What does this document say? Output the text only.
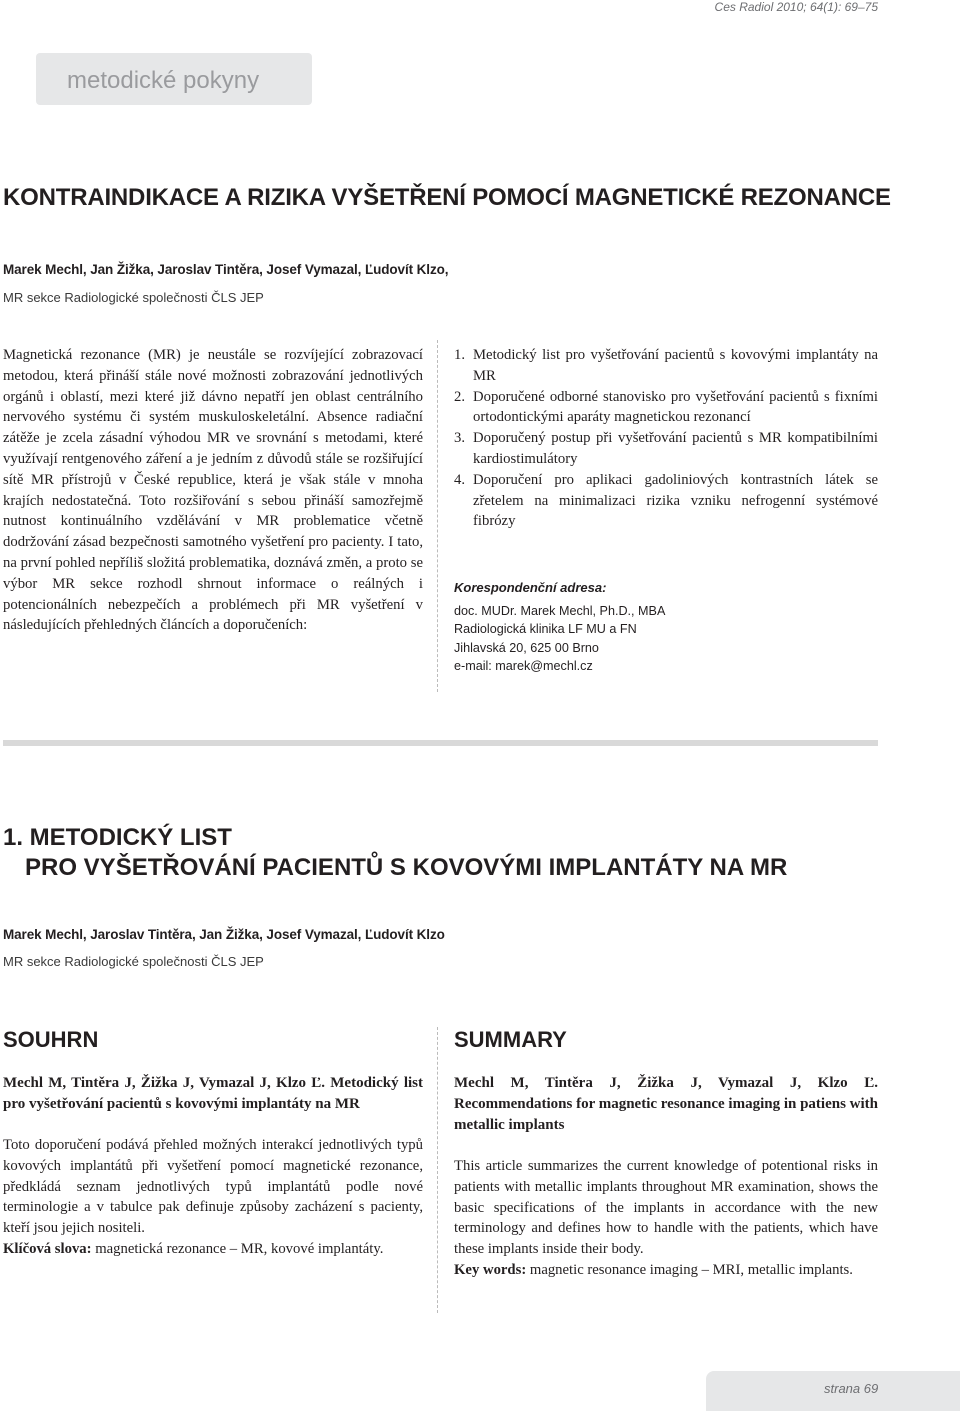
Ces Radiol 2010; 64(1): 69–75
metodické pokyny
KONTRAINDIKACE A RIZIKA VYŠETŘENÍ POMOCÍ MAGNETICKÉ REZONANCE
Marek Mechl, Jan Žižka, Jaroslav Tintěra, Josef Vymazal, Ľudovít Klzo,
MR sekce Radiologické společnosti ČLS JEP

Magnetická rezonance (MR) je neustále se rozvíjející zobrazovací metodou, která přináší stále nové možnosti zobrazování jednotlivých orgánů i oblastí, mezi které již dávno nepatří jen oblast centrálního nervového systému či systém muskuloskeletální. Absence radiační zátěže je zcela zásadní výhodou MR ve srovnání s metodami, které využívají rentgenového záření a je jedním z důvodů stále se rozšiřující sítě MR přístrojů v České republice, která je však stále v mnoha krajích nedostatečná. Toto rozšiřování s sebou přináší samozřejmě nutnost kontinuálního vzdělávání v MR problematice včetně dodržování zásad bezpečnosti samotného vyšetření pro pacienty. I tato, na první pohled nepříliš složitá problematika, doznává změn, a proto se výbor MR sekce rozhodl shrnout informace o reálných i potencionálních nebezpečích a problémech při MR vyšetření v následujících přehledných článcích a doporučeních:

1. Metodický list pro vyšetřování pacientů s kovovými implantáty na MR
2. Doporučené odborné stanovisko pro vyšetřování pacientů s fixními ortodontickými aparáty magnetickou rezonancí
3. Doporučený postup při vyšetřování pacientů s MR kompatibilními kardiostimulátory
4. Doporučení pro aplikaci gadoliniových kontrastních látek se zřetelem na minimalizaci rizika vzniku nefrogenní systémové fibrózy
Korespondenční adresa:
doc. MUDr. Marek Mechl, Ph.D., MBA
Radiologická klinika LF MU a FN
Jihlavská 20, 625 00 Brno
e-mail: marek@mechl.cz
1. METODICKÝ LIST
PRO VYŠETŘOVÁNÍ PACIENTŮ S KOVOVÝMI IMPLANTÁTY NA MR
Marek Mechl, Jaroslav Tintěra, Jan Žižka, Josef Vymazal, Ľudovít Klzo
MR sekce Radiologické společnosti ČLS JEP
SOUHRN
Mechl M, Tintěra J, Žižka J, Vymazal J, Klzo Ľ. Metodický list pro vyšetřování pacientů s kovovými implantáty na MR

Toto doporučení podává přehled možných interakcí jednotlivých typů kovových implantátů při vyšetření pomocí magnetické rezonance, předkládá seznam jednotlivých typů implantátů podle nové terminologie a v tabulce pak definuje způsoby zacházení s pacienty, kteří jsou jejich nositeli.

Klíčová slova: magnetická rezonance – MR, kovové implantáty.

SUMMARY
Mechl M, Tintěra J, Žižka J, Vymazal J, Klzo Ľ. Recommendations for magnetic resonance imaging in patiens with metallic implants

This article summarizes the current knowledge of potentional risks in patients with metallic implants throughout MR examination, shows the basic specifications of the implants in accordance with the new terminology and defines how to handle with the patients, which have these implants inside their body.

Key words: magnetic resonance imaging – MRI, metallic implants.

strana 69
